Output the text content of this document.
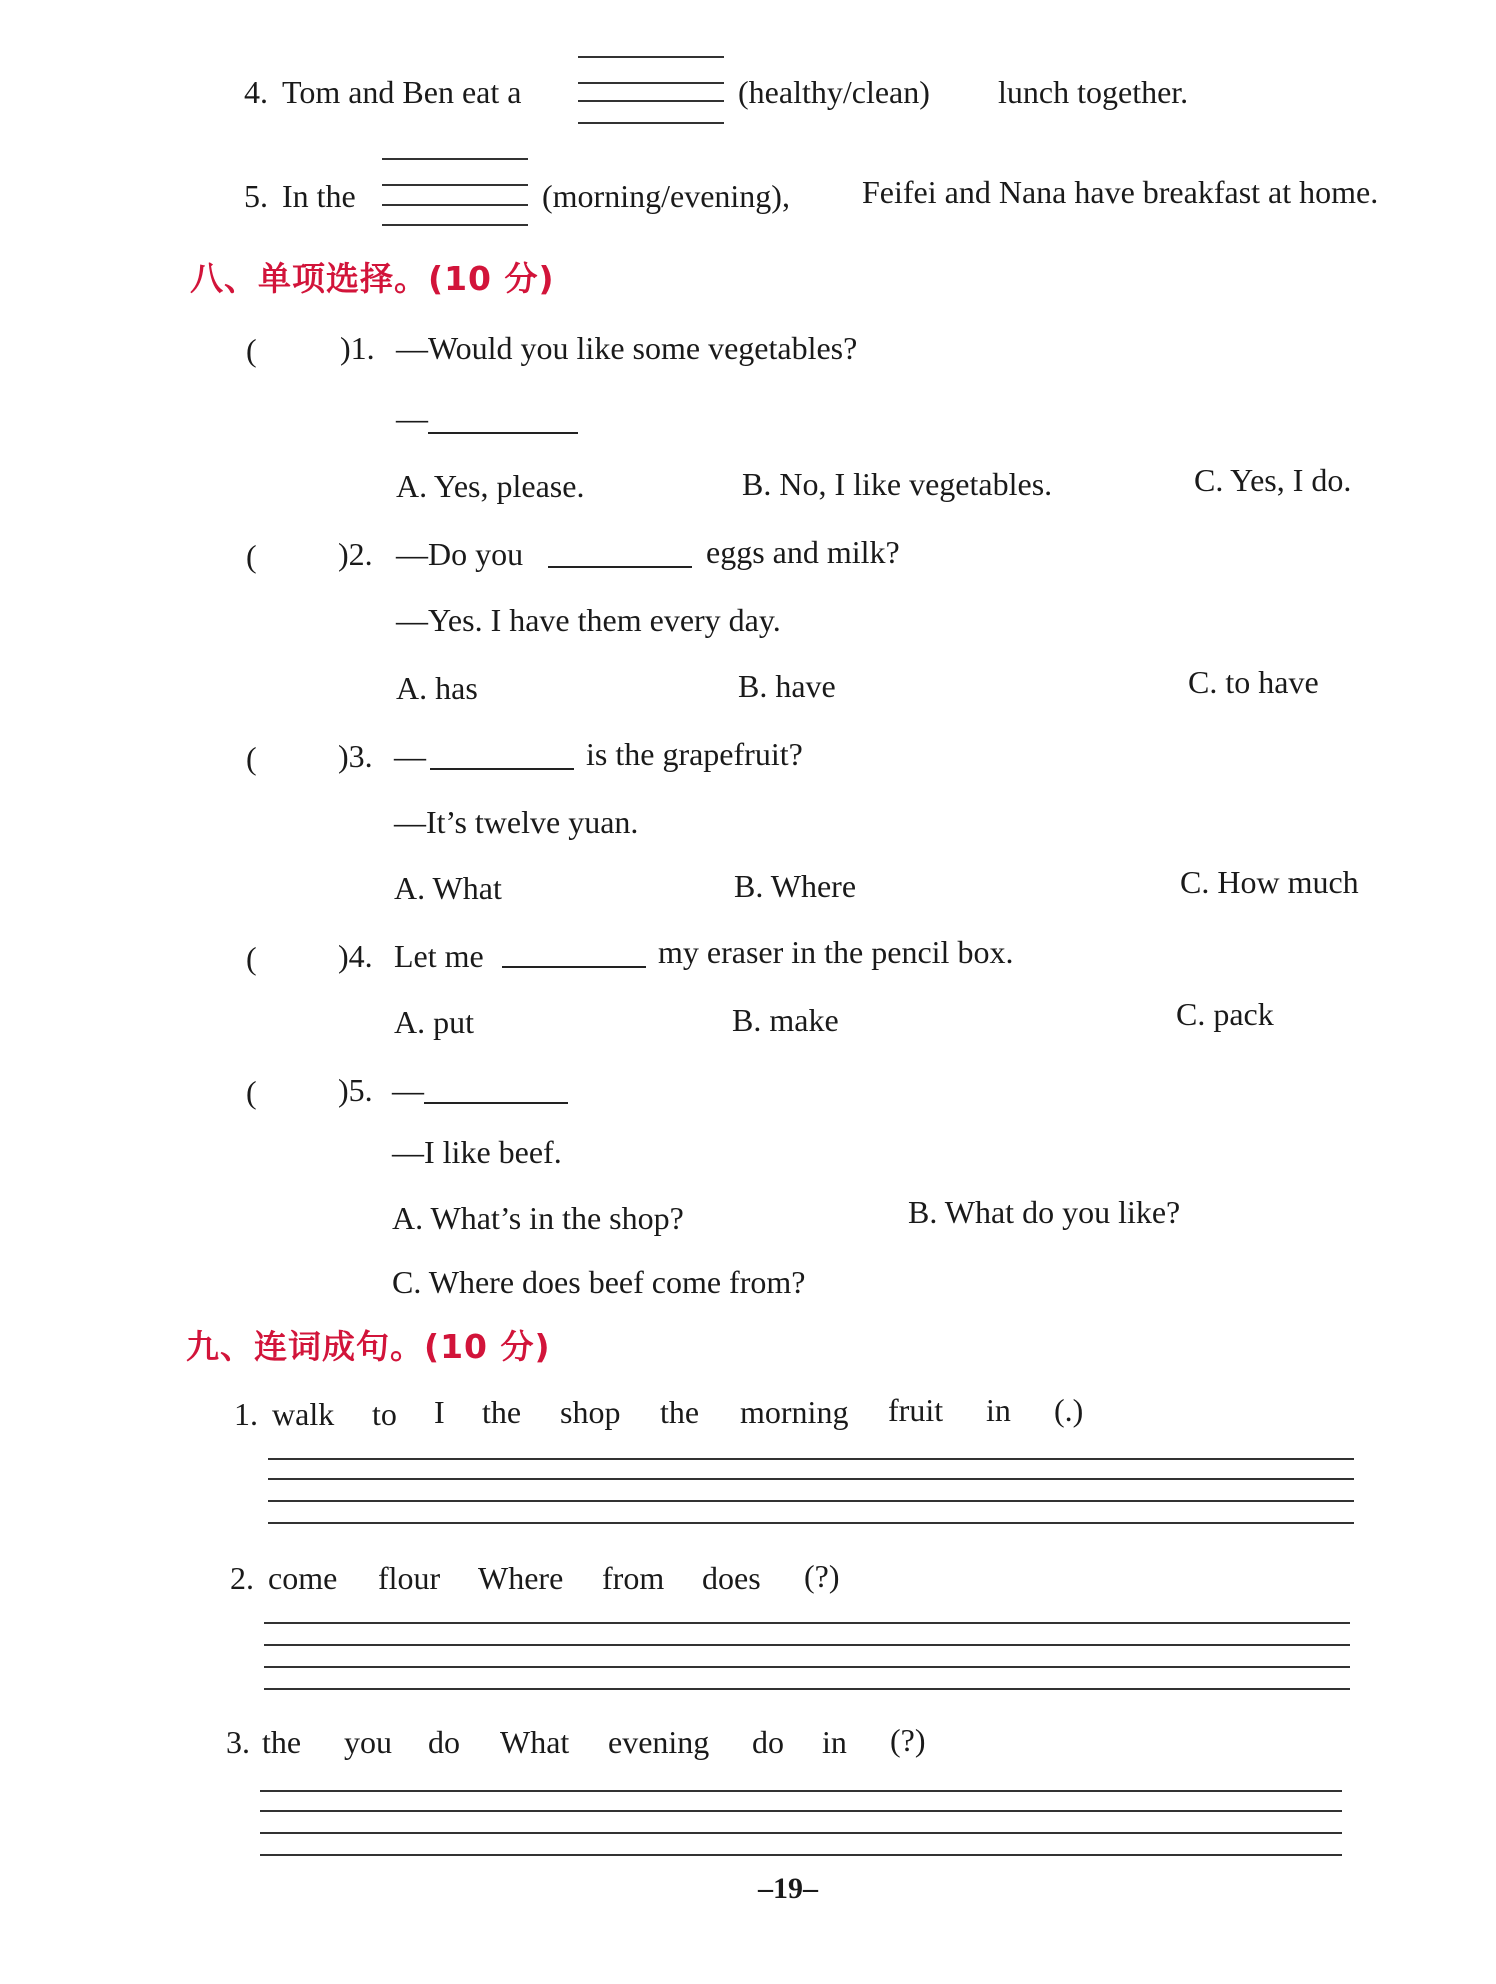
4. Tom and Ben eat a	(healthy/clean) lunch together.
5. In the	(morning/evening), Feifei and Nana have breakfast at home.
八、单项选择。(10 分)
(	)1. —Would you like some vegetables?
—
A. Yes, please.	B. No, I like vegetables.	C. Yes, I do.
(	)2. —Do you	eggs and milk?
—Yes. I have them every day.
A. has	B. have	C. to have
(	)3. —	is the grapefruit?
—It’s twelve yuan.
A. What	B. Where	C. How much
(	)4. Let me	my eraser in the pencil box.
A. put	B. make	C. pack
(	)5. —
—I like beef.
A. What’s in the shop?	B. What do you like?
C. Where does beef come from?
九、连词成句。(10 分)
1. walk to I the shop the morning fruit in (.)
2. come flour Where from does (?)
3. the you do What evening do in (?)
–19–
